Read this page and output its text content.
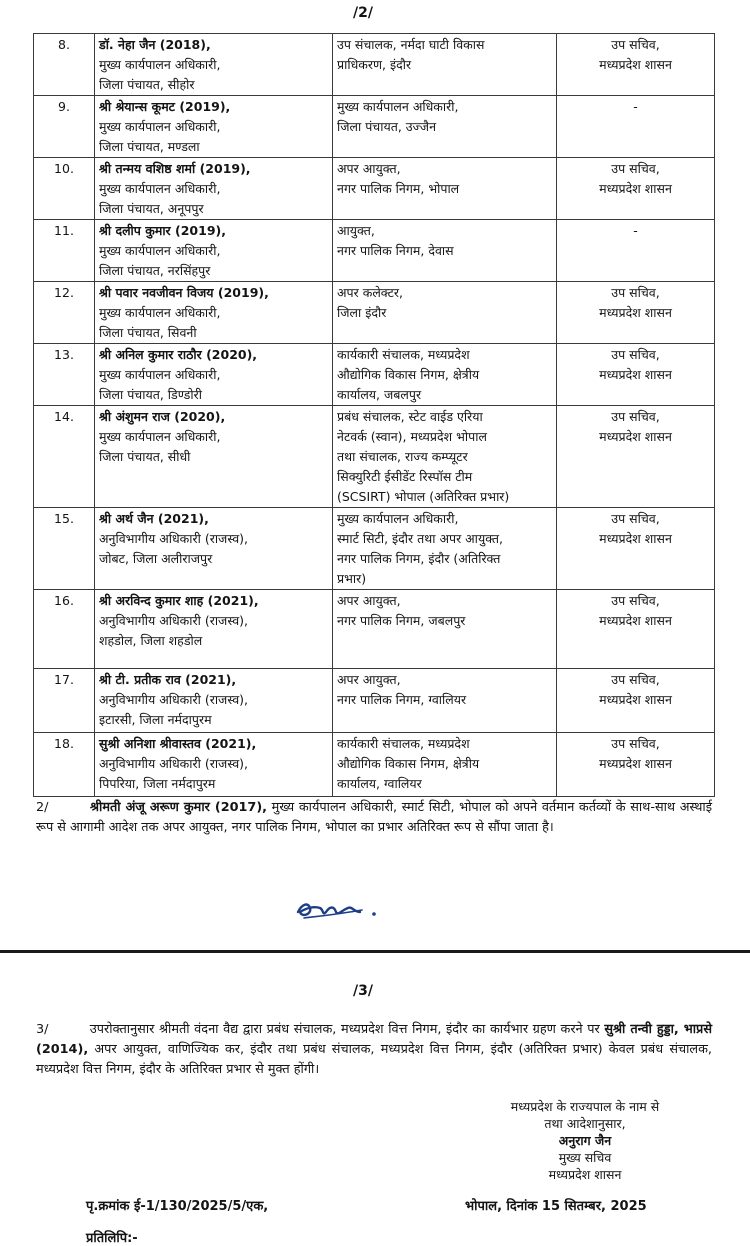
/2/
8.	डॉ. नेहा जैन (2018),
मुख्य कार्यपालन अधिकारी,
जिला पंचायत, सीहोर	उप संचालक, नर्मदा घाटी विकास
प्राधिकरण, इंदौर	उप सचिव,
मध्यप्रदेश शासन

9.	श्री श्रेयान्स कूमट (2019),
मुख्य कार्यपालन अधिकारी,
जिला पंचायत, मण्डला	मुख्य कार्यपालन अधिकारी,
जिला पंचायत, उज्जैन	-

10.	श्री तन्मय वशिष्ठ शर्मा (2019),
मुख्य कार्यपालन अधिकारी,
जिला पंचायत, अनूपपुर	अपर आयुक्त,
नगर पालिक निगम, भोपाल	उप सचिव,
मध्यप्रदेश शासन

11.	श्री दलीप कुमार (2019),
मुख्य कार्यपालन अधिकारी,
जिला पंचायत, नरसिंहपुर	आयुक्त,
नगर पालिक निगम, देवास	-

12.	श्री पवार नवजीवन विजय (2019),
मुख्य कार्यपालन अधिकारी,
जिला पंचायत, सिवनी	अपर कलेक्टर,
जिला इंदौर	उप सचिव,
मध्यप्रदेश शासन

13.	श्री अनिल कुमार राठौर (2020),
मुख्य कार्यपालन अधिकारी,
जिला पंचायत, डिण्डोरी	कार्यकारी संचालक, मध्यप्रदेश
औद्योगिक विकास निगम, क्षेत्रीय
कार्यालय, जबलपुर	उप सचिव,
मध्यप्रदेश शासन

14.	श्री अंशुमन राज (2020),
मुख्य कार्यपालन अधिकारी,
जिला पंचायत, सीधी	प्रबंध संचालक, स्टेट वाईड एरिया
नेटवर्क (स्वान), मध्यप्रदेश भोपाल
तथा संचालक, राज्य कम्प्यूटर
सिक्युरिटी ईसीडेंट रिस्पॉस टीम
(SCSIRT) भोपाल (अतिरिक्त प्रभार)	उप सचिव,
मध्यप्रदेश शासन

15.	श्री अर्थ जैन (2021),
अनुविभागीय अधिकारी (राजस्व),
जोबट, जिला अलीराजपुर	मुख्य कार्यपालन अधिकारी,
स्मार्ट सिटी, इंदौर तथा अपर आयुक्त,
नगर पालिक निगम, इंदौर (अतिरिक्त
प्रभार)	उप सचिव,
मध्यप्रदेश शासन

16.	श्री अरविन्द कुमार शाह (2021),
अनुविभागीय अधिकारी (राजस्व),
शहडोल, जिला शहडोल	अपर आयुक्त,
नगर पालिक निगम, जबलपुर	उप सचिव,
मध्यप्रदेश शासन

17.	श्री टी. प्रतीक राव (2021),
अनुविभागीय अधिकारी (राजस्व),
इटारसी, जिला नर्मदापुरम	अपर आयुक्त,
नगर पालिक निगम, ग्वालियर	उप सचिव,
मध्यप्रदेश शासन

18.	सुश्री अनिशा श्रीवास्तव (2021),
अनुविभागीय अधिकारी (राजस्व),
पिपरिया, जिला नर्मदापुरम	कार्यकारी संचालक, मध्यप्रदेश
औद्योगिक विकास निगम, क्षेत्रीय
कार्यालय, ग्वालियर	उप सचिव,
मध्यप्रदेश शासन
2/	श्रीमती अंजू अरूण कुमार (2017), मुख्य कार्यपालन अधिकारी, स्मार्ट सिटी, भोपाल को अपने वर्तमान कर्तव्यों के साथ-साथ अस्थाई रूप से आगामी आदेश तक अपर आयुक्त, नगर पालिक निगम, भोपाल का प्रभार अतिरिक्त रूप से सौंपा जाता है।
/3/
3/	उपरोक्तानुसार श्रीमती वंदना वैद्य द्वारा प्रबंध संचालक, मध्यप्रदेश वित्त निगम, इंदौर का कार्यभार ग्रहण करने पर सुश्री तन्वी हुड्डा, भाप्रसे (2014), अपर आयुक्त, वाणिज्यिक कर, इंदौर तथा प्रबंध संचालक, मध्यप्रदेश वित्त निगम, इंदौर (अतिरिक्त प्रभार) केवल प्रबंध संचालक, मध्यप्रदेश वित्त निगम, इंदौर के अतिरिक्त प्रभार से मुक्त होंगी।
मध्यप्रदेश के राज्यपाल के नाम से
तथा आदेशानुसार,
अनुराग जैन
मुख्य सचिव
मध्यप्रदेश शासन
पृ.क्रमांक ई-1/130/2025/5/एक,	भोपाल, दिनांक 15 सितम्बर, 2025
प्रतिलिपि:-
